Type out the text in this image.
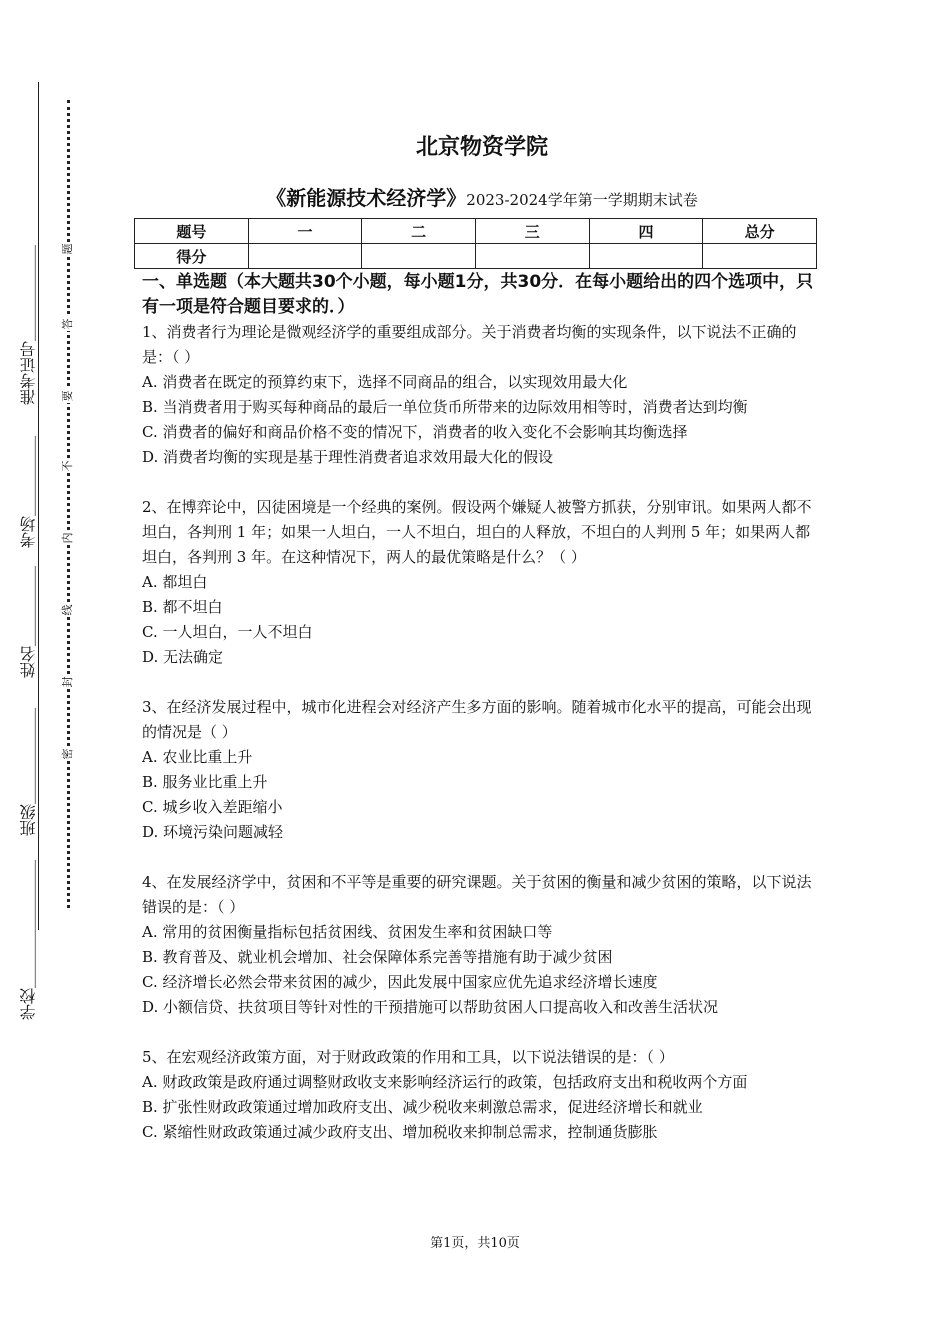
学校＿＿＿＿＿＿＿＿
班级＿＿＿＿＿＿
姓名＿＿＿＿＿
考场＿＿＿＿＿
准考证号＿＿＿＿＿＿ 题
答
要
不
内
线
封
密
北京物资学院
《新能源技术经济学》2023-2024学年第一学期期末试卷
题号	一	二	三	四	总分
得分					
一、单选题（本大题共30个小题，每小题1分，共30分．在每小题给出的四个选项中，只有一项是符合题目要求的．）

1、消费者行为理论是微观经济学的重要组成部分。关于消费者均衡的实现条件，以下说法不正确的是：（ ）

A. 消费者在既定的预算约束下，选择不同商品的组合，以实现效用最大化

B. 当消费者用于购买每种商品的最后一单位货币所带来的边际效用相等时，消费者达到均衡

C. 消费者的偏好和商品价格不变的情况下，消费者的收入变化不会影响其均衡选择

D. 消费者均衡的实现是基于理性消费者追求效用最大化的假设

2、在博弈论中，囚徒困境是一个经典的案例。假设两个嫌疑人被警方抓获，分别审讯。如果两人都不坦白，各判刑 1 年；如果一人坦白，一人不坦白，坦白的人释放，不坦白的人判刑 5 年；如果两人都坦白，各判刑 3 年。在这种情况下，两人的最优策略是什么？（ ）

A. 都坦白

B. 都不坦白

C. 一人坦白，一人不坦白

D. 无法确定

3、在经济发展过程中，城市化进程会对经济产生多方面的影响。随着城市化水平的提高，可能会出现的情况是（ ）

A. 农业比重上升

B. 服务业比重上升

C. 城乡收入差距缩小

D. 环境污染问题减轻

4、在发展经济学中，贫困和不平等是重要的研究课题。关于贫困的衡量和减少贫困的策略，以下说法错误的是：（ ）

A. 常用的贫困衡量指标包括贫困线、贫困发生率和贫困缺口等

B. 教育普及、就业机会增加、社会保障体系完善等措施有助于减少贫困

C. 经济增长必然会带来贫困的减少，因此发展中国家应优先追求经济增长速度

D. 小额信贷、扶贫项目等针对性的干预措施可以帮助贫困人口提高收入和改善生活状况

5、在宏观经济政策方面，对于财政政策的作用和工具，以下说法错误的是：（ ）

A. 财政政策是政府通过调整财政收支来影响经济运行的政策，包括政府支出和税收两个方面

B. 扩张性财政政策通过增加政府支出、减少税收来刺激总需求，促进经济增长和就业

C. 紧缩性财政政策通过减少政府支出、增加税收来抑制总需求，控制通货膨胀

第1页，共10页
